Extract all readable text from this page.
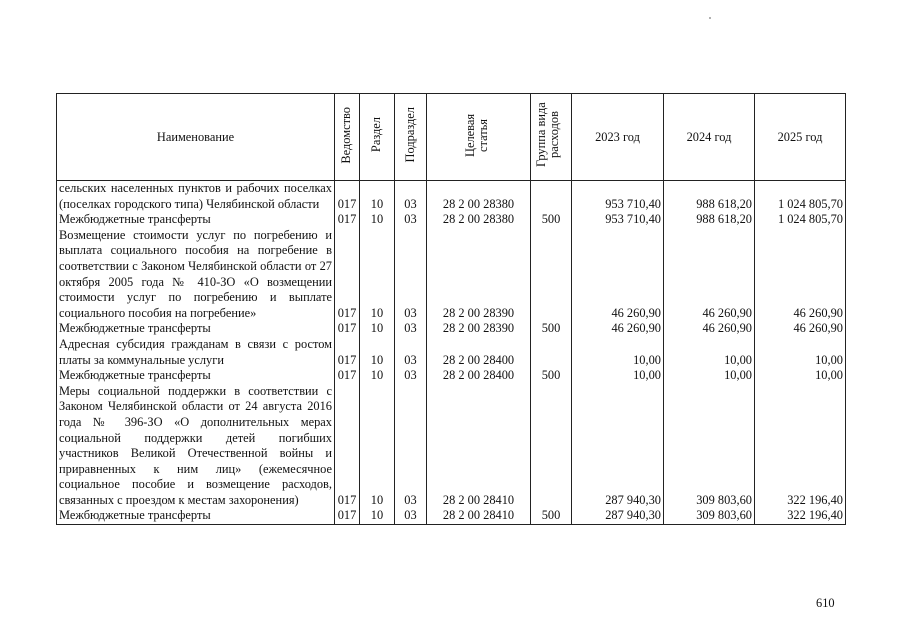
Наименование	Ведомство	Раздел	Подраздел	Целевая статья	Группа вида расходов	2023 год	2024 год	2025 год
сельских населенных пунктов и рабочих поселках (поселках городского типа) Челябинской области	017	10	03	28 2 00 28380		953 710,40	988 618,20	1 024 805,70
Межбюджетные трансферты	017	10	03	28 2 00 28380	500	953 710,40	988 618,20	1 024 805,70
Возмещение стоимости услуг по погребению и выплата социального пособия на погребение в соответствии с Законом Челябинской области от 27 октября 2005 года № 410-ЗО «О возмещении стоимости услуг по погребению и выплате социального пособия на погребение»	017	10	03	28 2 00 28390		46 260,90	46 260,90	46 260,90
Межбюджетные трансферты	017	10	03	28 2 00 28390	500	46 260,90	46 260,90	46 260,90
Адресная субсидия гражданам в связи с ростом платы за коммунальные услуги	017	10	03	28 2 00 28400		10,00	10,00	10,00
Межбюджетные трансферты	017	10	03	28 2 00 28400	500	10,00	10,00	10,00
Меры социальной поддержки в соответствии с Законом Челябинской области от 24 августа 2016 года № 396-ЗО «О дополнительных мерах социальной поддержки детей погибших участников Великой Отечественной войны и приравненных к ним лиц» (ежемесячное социальное пособие и возмещение расходов, связанных с проездом к местам захоронения)	017	10	03	28 2 00 28410		287 940,30	309 803,60	322 196,40
Межбюджетные трансферты	017	10	03	28 2 00 28410	500	287 940,30	309 803,60	322 196,40
610
